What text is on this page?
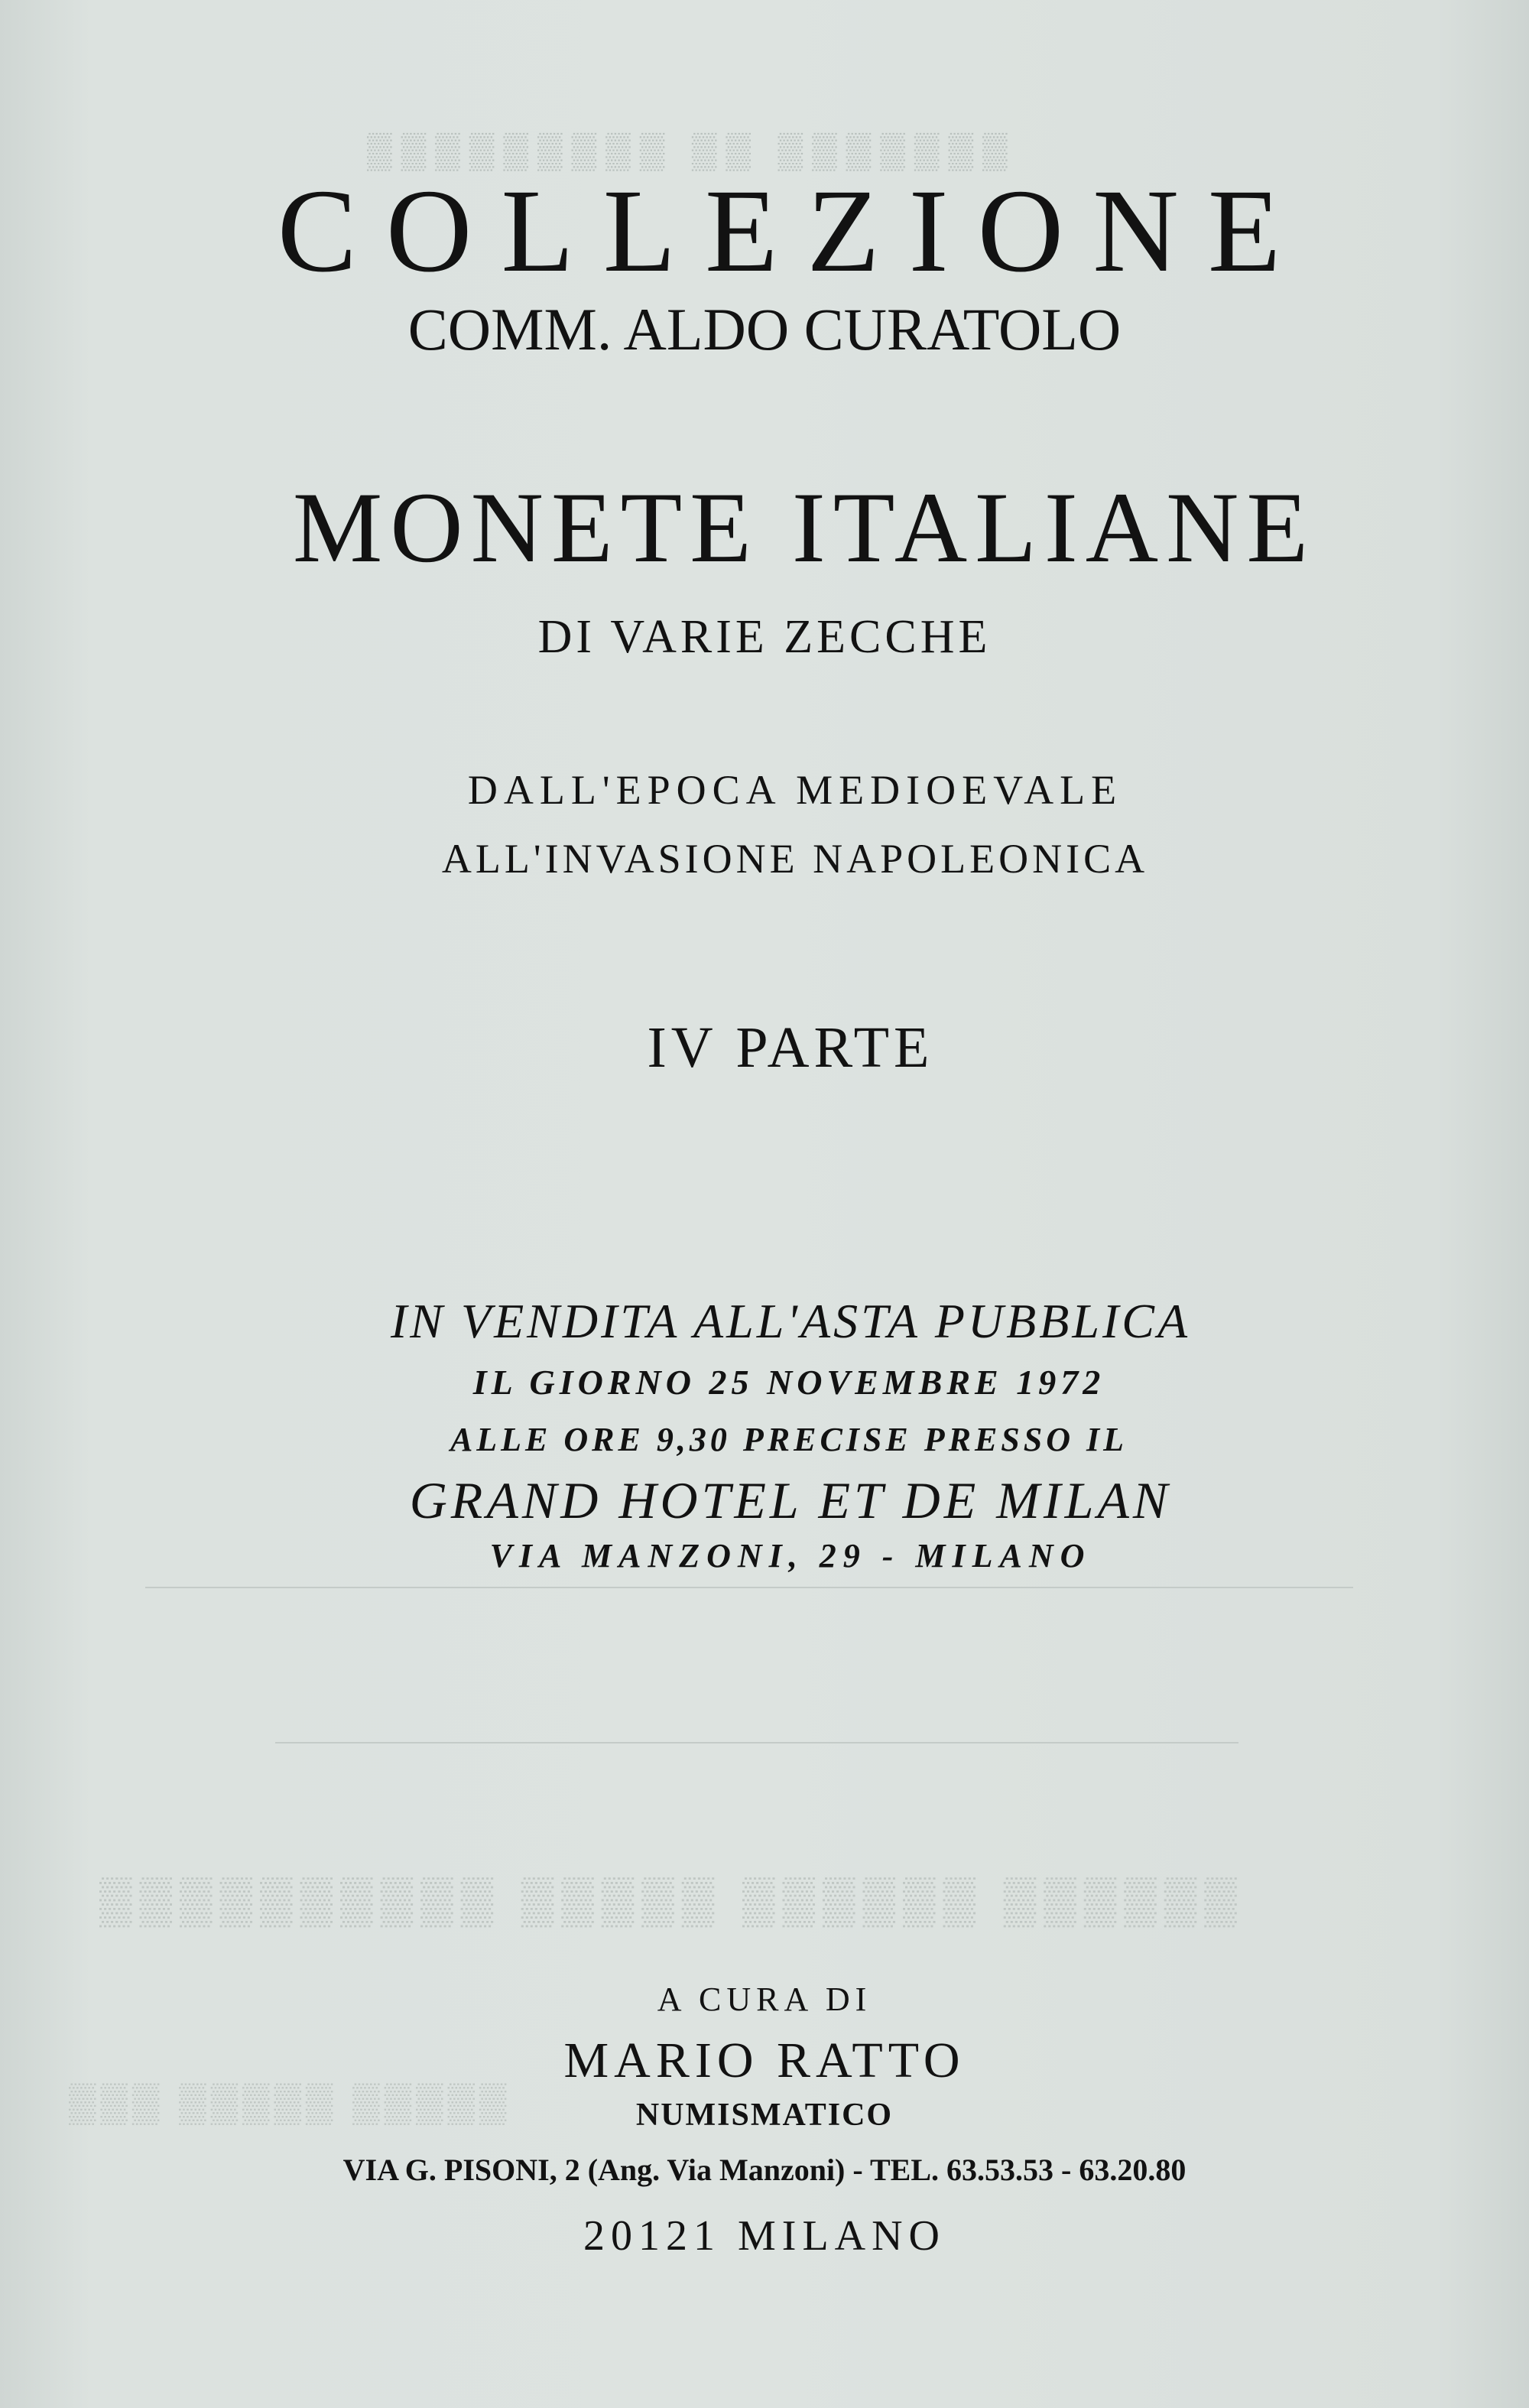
▒▒▒▒▒▒▒▒▒ ▒▒ ▒▒▒▒▒▒▒
▒▒▒▒▒▒▒▒▒▒ ▒▒▒▒▒ ▒▒▒▒▒▒ ▒▒▒▒▒▒
▒▒▒ ▒▒▒▒▒ ▒▒▒▒▒
COLLEZIONE
COMM. ALDO CURATOLO
MONETE ITALIANE
DI VARIE ZECCHE
DALL'EPOCA MEDIOEVALE
ALL'INVASIONE NAPOLEONICA
IV PARTE
IN VENDITA ALL'ASTA PUBBLICA
IL GIORNO 25 NOVEMBRE 1972
ALLE ORE 9,30 PRECISE PRESSO IL
GRAND HOTEL ET DE MILAN
VIA MANZONI, 29 - MILANO
A CURA DI
MARIO RATTO
NUMISMATICO
VIA G. PISONI, 2 (Ang. Via Manzoni) - TEL. 63.53.53 - 63.20.80
20121 MILANO
